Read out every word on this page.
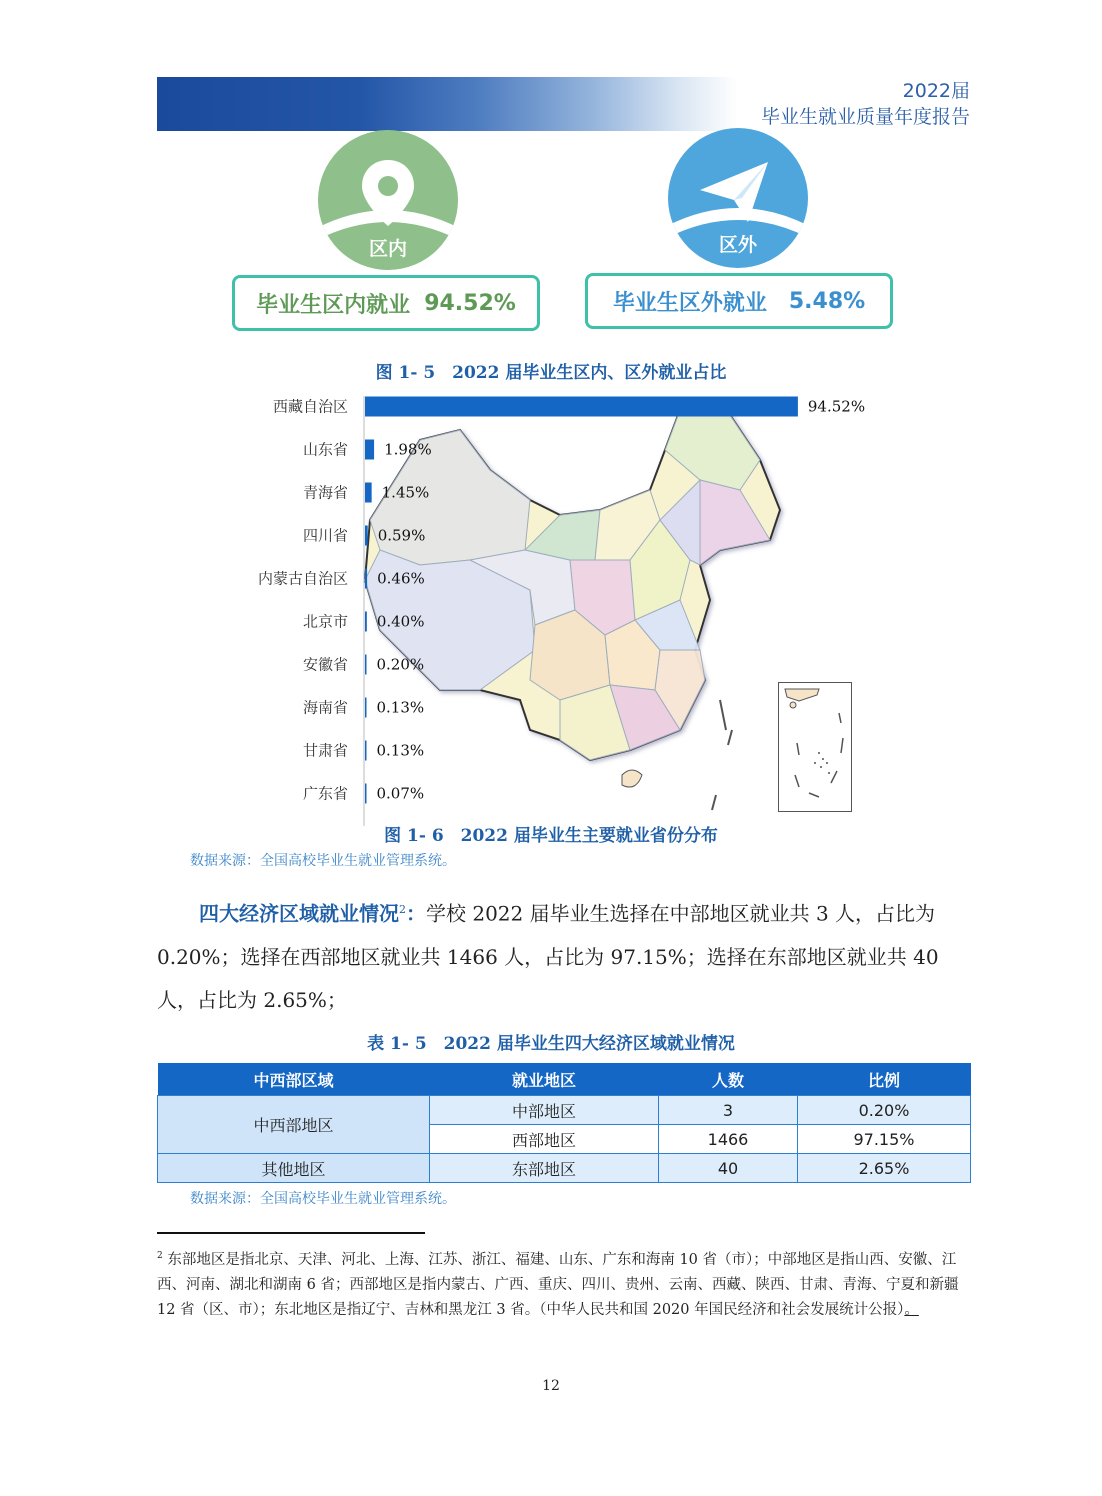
2022届
毕业生就业质量年度报告
区内	区外
毕业生区内就业 94.52%	毕业生区外就业 5.48%
图 1- 5　2022 届毕业生区内、区外就业占比
西藏自治区	94.52%
山东省 1.98%
青海省 1.45%
四川省 0.59%
内蒙古自治区 0.46%
北京市 0.40%
安徽省 0.20%
海南省 0.13%
甘肃省 0.13%
广东省 0.07%
图 1- 6　2022 届毕业生主要就业省份分布
数据来源：全国高校毕业生就业管理系统。
四大经济区域就业情况$^2$：学校 2022 届毕业生选择在中部地区就业共 3 人，占比为 0.20%；选择在西部地区就业共 1466 人，占比为 97.15%；选择在东部地区就业共 40 人，占比为 2.65%；
表 1- 5　2022 届毕业生四大经济区域就业情况
中西部区域	就业地区	人数	比例
中西部地区	中部地区	3	0.20%
	西部地区	1466	97.15%
其他地区	东部地区	40	2.65%
数据来源：全国高校毕业生就业管理系统。
$^2$ 东部地区是指北京、天津、河北、上海、江苏、浙江、福建、山东、广东和海南 10 省（市）；中部地区是指山西、安徽、江西、河南、湖北和湖南 6 省；西部地区是指内蒙古、广西、重庆、四川、贵州、云南、西藏、陕西、甘肃、青海、宁夏和新疆 12 省（区、市）；东北地区是指辽宁、吉林和黑龙江 3 省。（中华人民共和国 2020 年国民经济和社会发展统计公报）。
12
